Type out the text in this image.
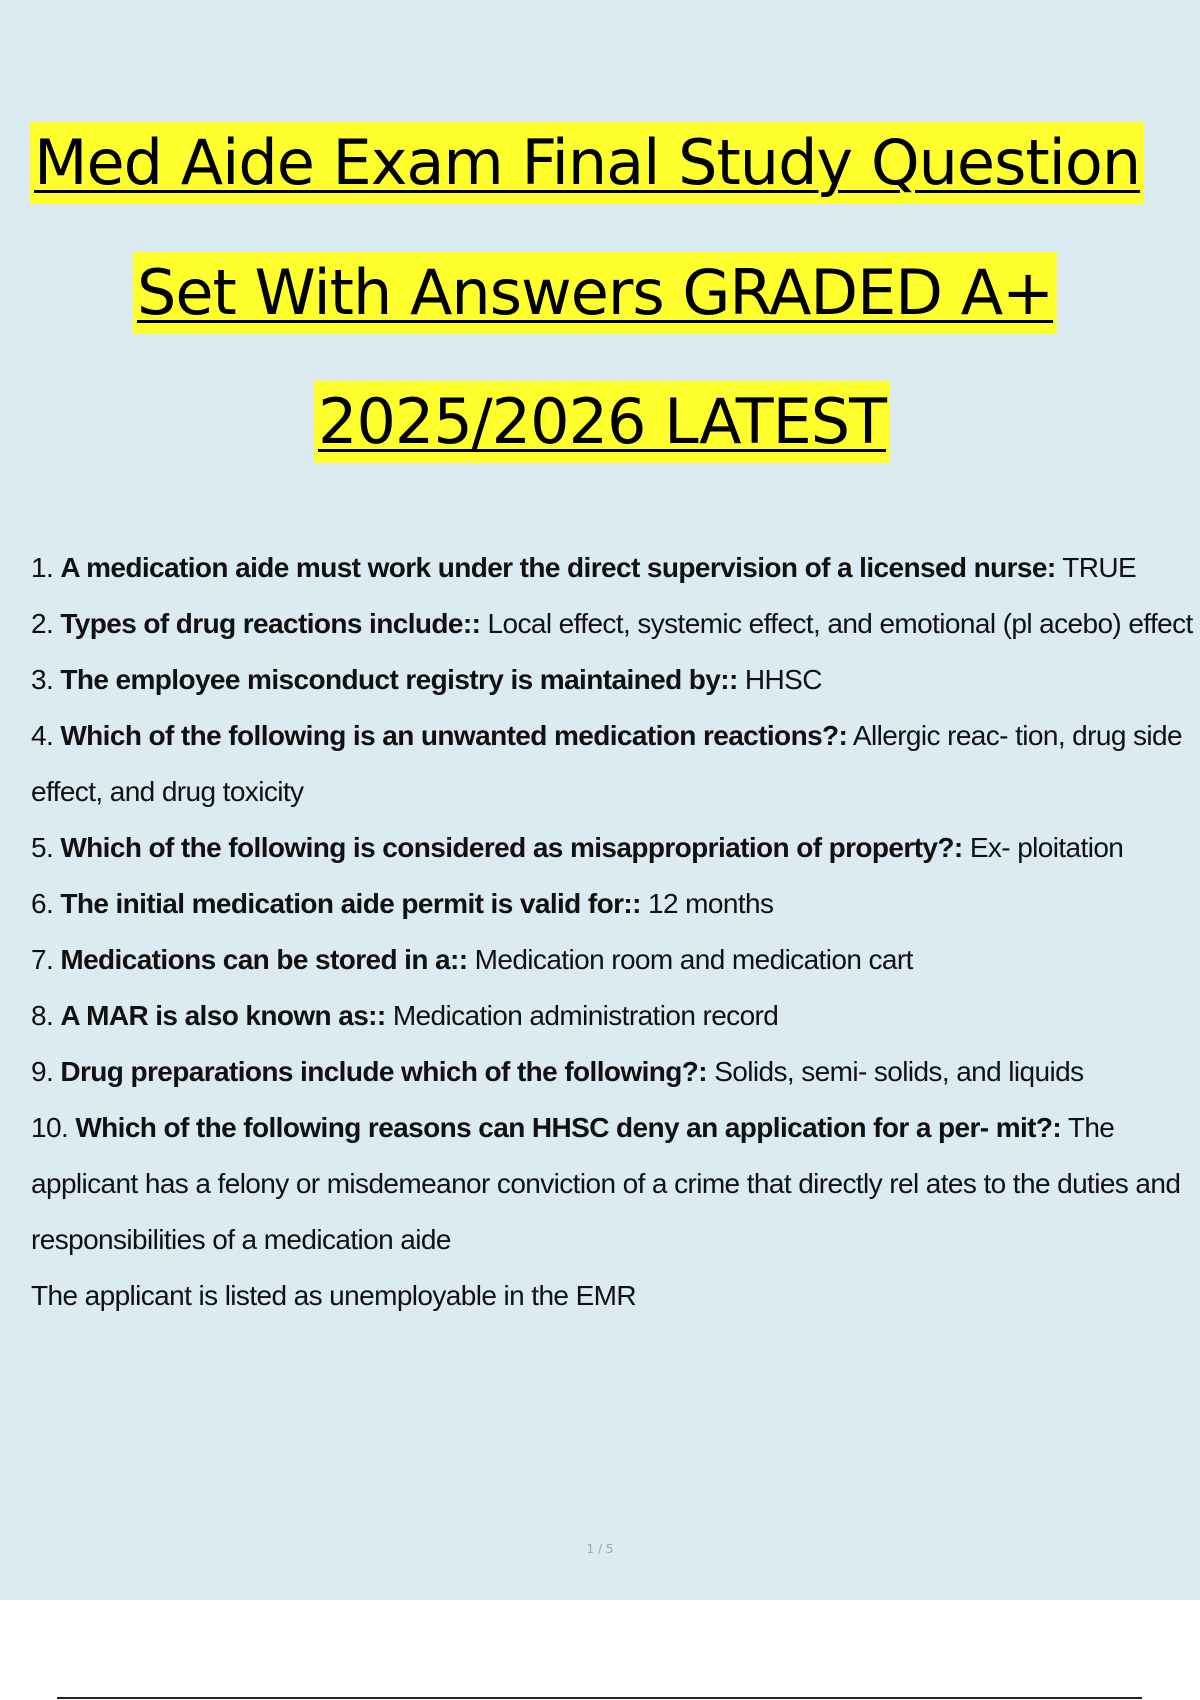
Med Aide Exam Final Study Question
Set With Answers GRADED A+
2025/2026 LATEST

1. A medication aide must work under the direct supervision of a licensed nurse: TRUE

2. Types of drug reactions include:: Local effect, systemic effect, and emotional (pl acebo) effect

3. The employee misconduct registry is maintained by:: HHSC

4. Which of the following is an unwanted medication reactions?: Allergic reac- tion, drug side effect, and drug toxicity

5. Which of the following is considered as misappropriation of property?: Ex- ploitation

6. The initial medication aide permit is valid for:: 12 months

7. Medications can be stored in a:: Medication room and medication cart

8. A MAR is also known as:: Medication administration record

9. Drug preparations include which of the following?: Solids, semi- solids, and liquids

10. Which of the following reasons can HHSC deny an application for a per- mit?: The applicant has a felony or misdemeanor conviction of a crime that directly rel ates to the duties and responsibilities of a medication aide

The applicant is listed as unemployable in the EMR

1 / 5
